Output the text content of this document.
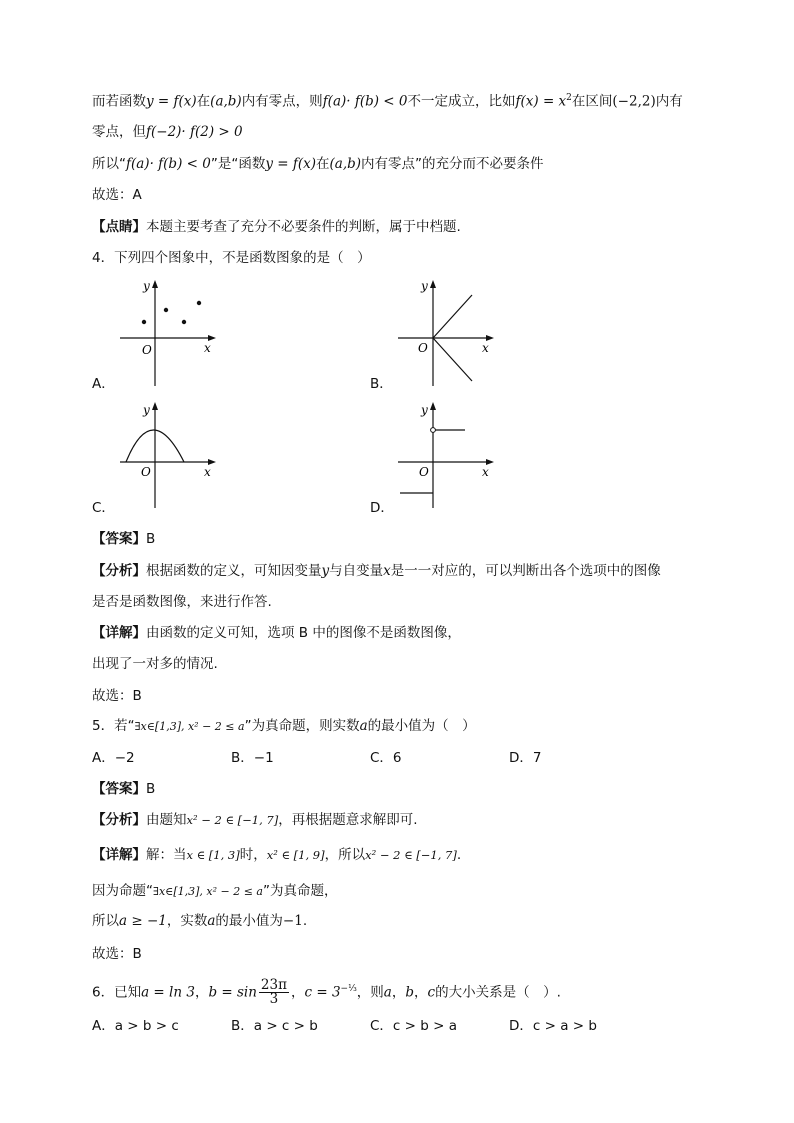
而若函数y = f(x)在(a,b)内有零点，则f(a)· f(b) < 0不一定成立，比如$f(x) = x^2$在区间(−2,2)内有
零点，但f(−2)· f(2) > 0
所以“f(a)· f(b) < 0”是“函数y = f(x)在(a,b)内有零点”的充分而不必要条件
故选：A
【点睛】本题主要考查了充分不必要条件的判断，属于中档题.
4．下列四个图象中，不是函数图象的是（　）
y
x
O
A．
y
x
O
B．
y
x
O
C．
y
x
O
D．
【答案】B
【分析】根据函数的定义，可知因变量y与自变量x是一一对应的，可以判断出各个选项中的图像
是否是函数图像，来进行作答.
【详解】由函数的定义可知，选项 B 中的图像不是函数图像，
出现了一对多的情况.
故选：B
5．若“∃x∈[1,3], x² − 2 ≤ a”为真命题，则实数a的最小值为（　）
A．−2	B．−1	C．6	D．7
【答案】B
【分析】由题知x² − 2 ∈ [−1, 7]，再根据题意求解即可.
【详解】解：当x ∈ [1, 3]时，x² ∈ [1, 9]，所以x² − 2 ∈ [−1, 7].
因为命题“∃x∈[1,3], x² − 2 ≤ a”为真命题，
所以a ≥ −1，实数a的最小值为−1.
故选：B
6．已知a = ln 3，$b = \sin \frac{23\pi}{3}$ ，$c = 3^{-\frac{1}{3}}$，则a，b，c的大小关系是（　）.
A．a > b > c	B．a > c > b	C．c > b > a	D．c > a > b
